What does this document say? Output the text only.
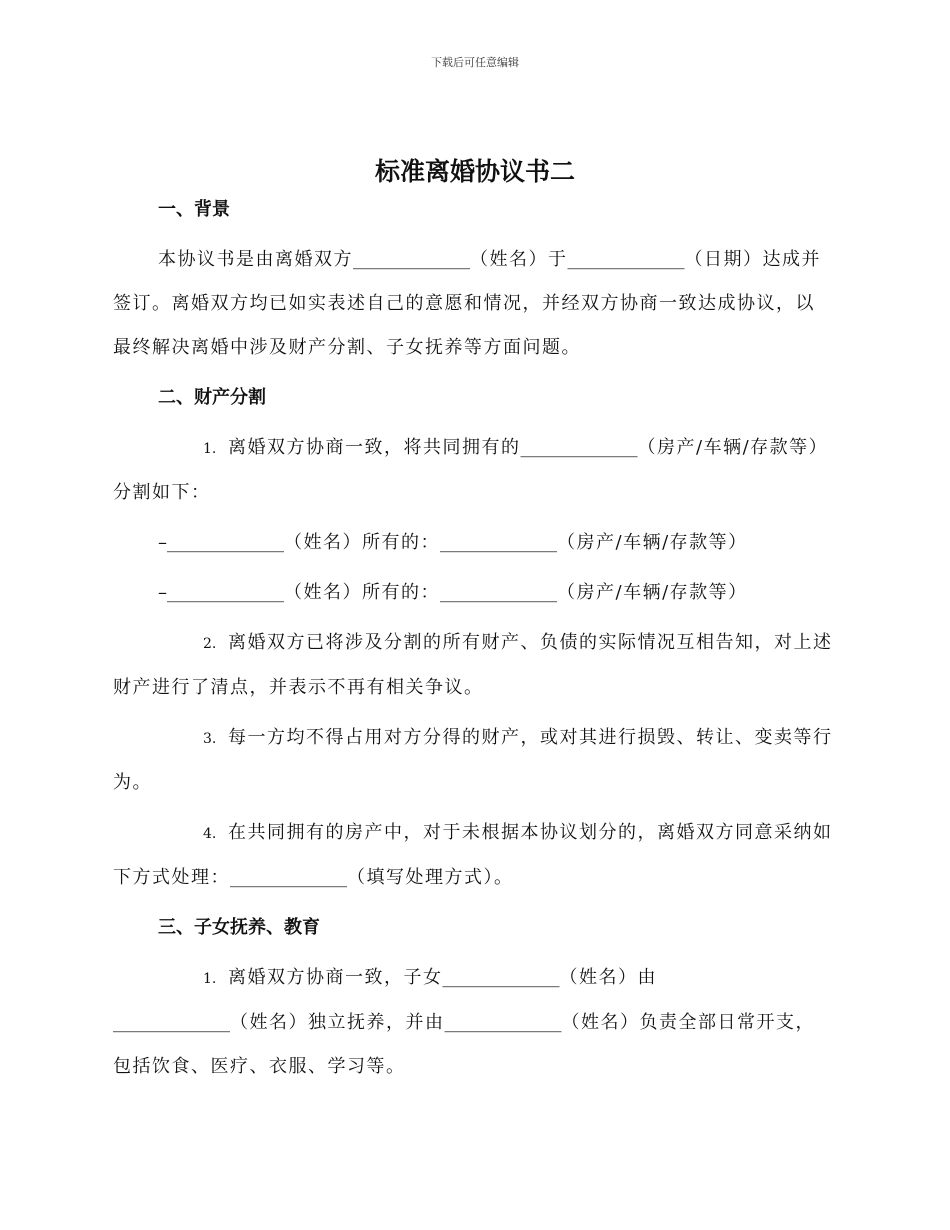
下载后可任意编辑
标准离婚协议书二
一、背景

本协议书是由离婚双方_____________（姓名）于_____________（日期）达成并签订。离婚双方均已如实表述自己的意愿和情况，并经双方协商一致达成协议，以最终解决离婚中涉及财产分割、子女抚养等方面问题。

二、财产分割

1. 离婚双方协商一致，将共同拥有的_____________（房产/车辆/存款等）分割如下：

–_____________（姓名）所有的：_____________（房产/车辆/存款等）

–_____________（姓名）所有的：_____________（房产/车辆/存款等）

2. 离婚双方已将涉及分割的所有财产、负债的实际情况互相告知，对上述财产进行了清点，并表示不再有相关争议。

3. 每一方均不得占用对方分得的财产，或对其进行损毁、转让、变卖等行为。

4. 在共同拥有的房产中，对于未根据本协议划分的，离婚双方同意采纳如下方式处理：_____________（填写处理方式）。

三、子女抚养、教育

1. 离婚双方协商一致，子女_____________（姓名）由
_____________（姓名）独立抚养，并由_____________（姓名）负责全部日常开支，包括饮食、医疗、衣服、学习等。
